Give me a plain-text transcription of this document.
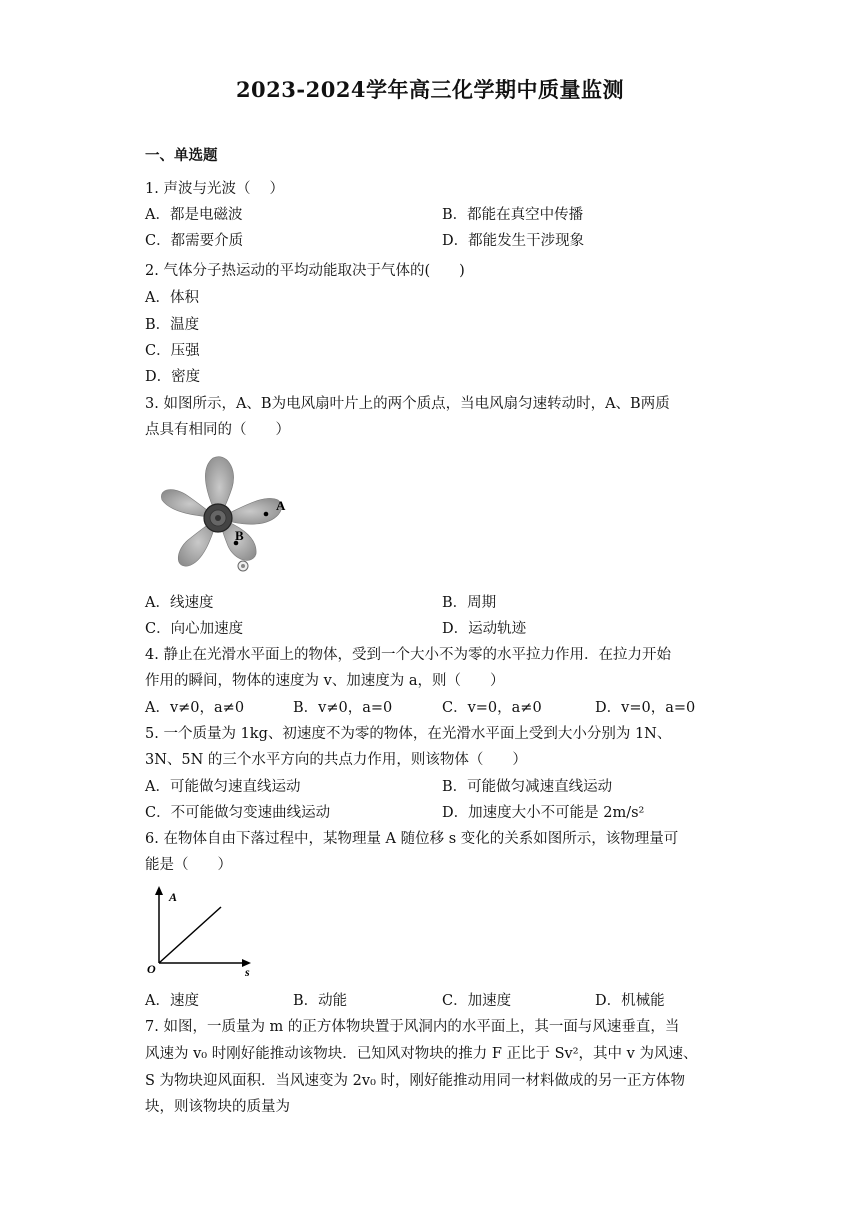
2023-2024学年高三化学期中质量监测
一、单选题
1. 声波与光波（　 ）
A．都是电磁波	B．都能在真空中传播
C．都需要介质	D．都能发生干涉现象
2. 气体分子热运动的平均动能取决于气体的(　　)
A．体积
B．温度
C．压强
D．密度
3. 如图所示，A、B为电风扇叶片上的两个质点，当电风扇匀速转动时，A、B两质
点具有相同的（　　）
A
B
A．线速度	B．周期
C．向心加速度	D．运动轨迹
4. 静止在光滑水平面上的物体，受到一个大小不为零的水平拉力作用．在拉力开始
作用的瞬间，物体的速度为 v、加速度为 a，则（　　）
A．v≠0，a≠0	B．v≠0，a=0	C．v=0，a≠0	D．v=0，a=0
5. 一个质量为 1kg、初速度不为零的物体，在光滑水平面上受到大小分别为 1N、
3N、5N 的三个水平方向的共点力作用，则该物体（　　）
A．可能做匀速直线运动	B．可能做匀减速直线运动
C．不可能做匀变速曲线运动	D．加速度大小不可能是 2m/s²
6. 在物体自由下落过程中，某物理量 A 随位移 s 变化的关系如图所示，该物理量可
能是（　　）
A
s
O
A．速度	B．动能	C．加速度	D．机械能
7. 如图，一质量为 m 的正方体物块置于风洞内的水平面上，其一面与风速垂直，当
风速为 v₀ 时刚好能推动该物块．已知风对物块的推力 F 正比于 Sv²，其中 v 为风速、
S 为物块迎风面积．当风速变为 2v₀ 时，刚好能推动用同一材料做成的另一正方体物
块，则该物块的质量为
